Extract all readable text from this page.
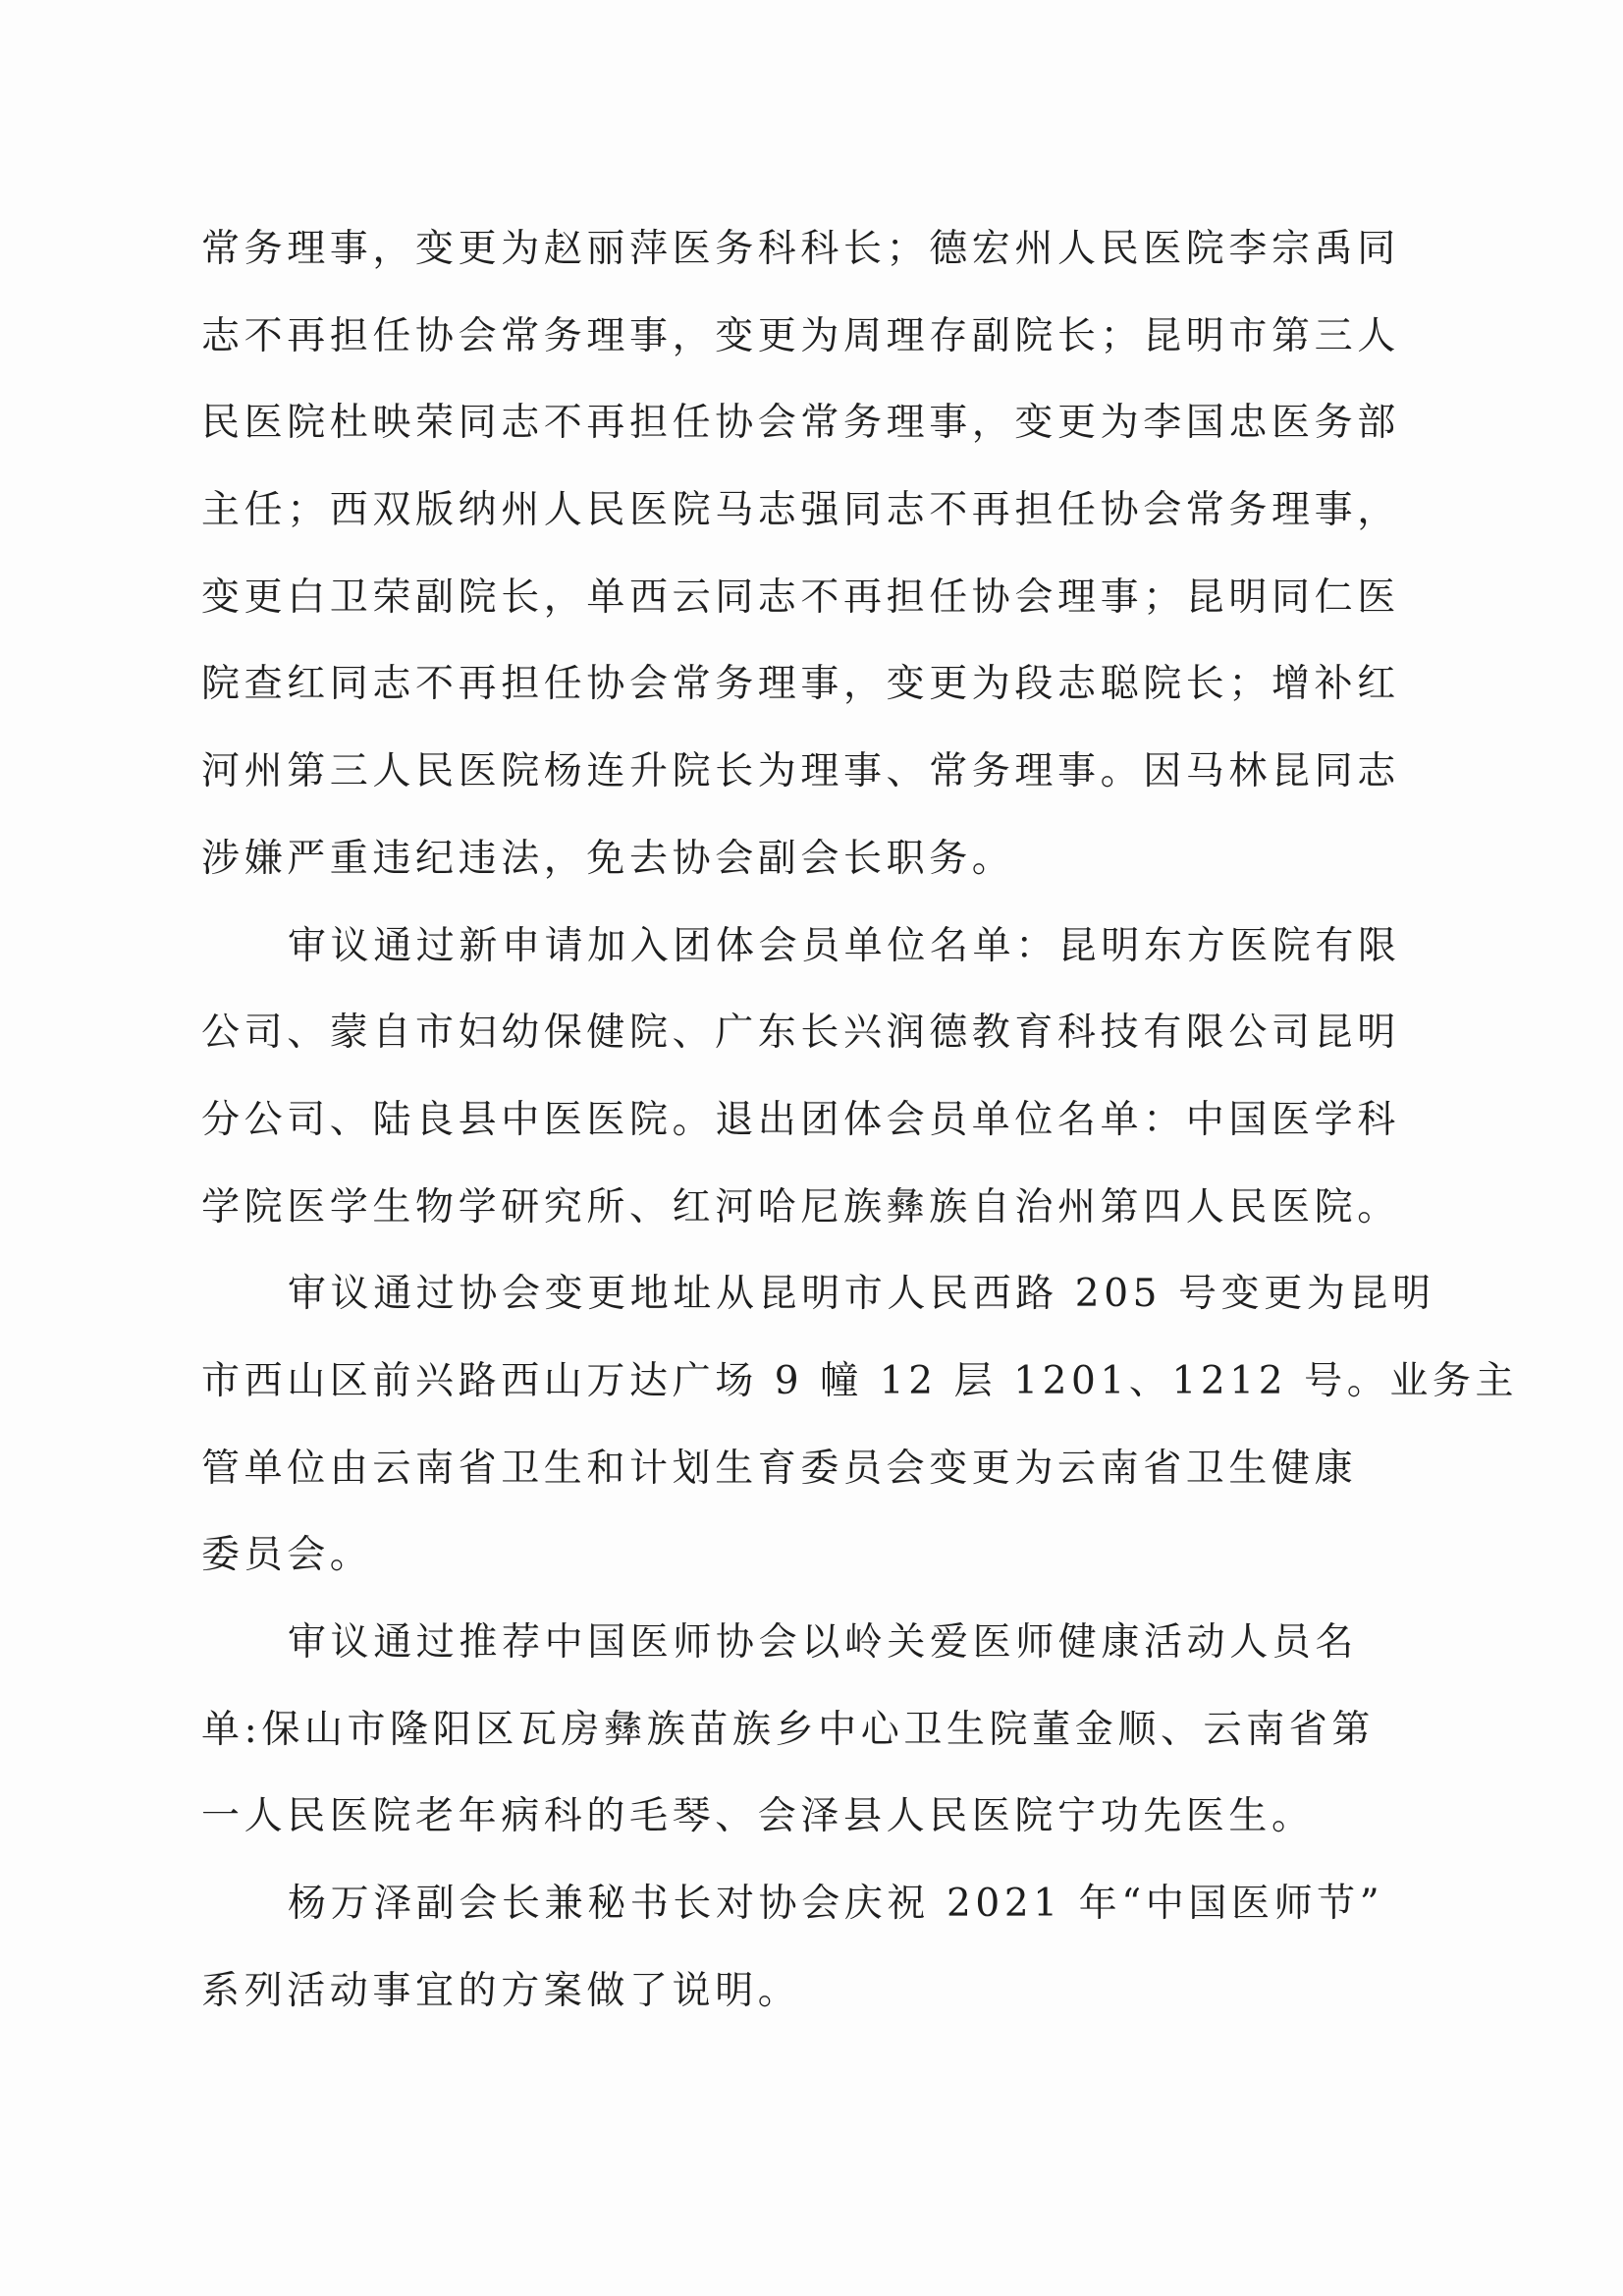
常务理事，变更为赵丽萍医务科科长；德宏州人民医院李宗禹同
志不再担任协会常务理事，变更为周理存副院长；昆明市第三人
民医院杜映荣同志不再担任协会常务理事，变更为李国忠医务部
主任；西双版纳州人民医院马志强同志不再担任协会常务理事，
变更白卫荣副院长，单西云同志不再担任协会理事；昆明同仁医
院查红同志不再担任协会常务理事，变更为段志聪院长；增补红
河州第三人民医院杨连升院长为理事、常务理事。因马林昆同志
涉嫌严重违纪违法，免去协会副会长职务。
审议通过新申请加入团体会员单位名单：昆明东方医院有限
公司、蒙自市妇幼保健院、广东长兴润德教育科技有限公司昆明
分公司、陆良县中医医院。退出团体会员单位名单：中国医学科
学院医学生物学研究所、红河哈尼族彝族自治州第四人民医院。
审议通过协会变更地址从昆明市人民西路 205 号变更为昆明
市西山区前兴路西山万达广场 9 幢 12 层 1201、1212 号。业务主
管单位由云南省卫生和计划生育委员会变更为云南省卫生健康
委员会。
审议通过推荐中国医师协会以岭关爱医师健康活动人员名
单:保山市隆阳区瓦房彝族苗族乡中心卫生院董金顺、云南省第
一人民医院老年病科的毛琴、会泽县人民医院宁功先医生。
杨万泽副会长兼秘书长对协会庆祝 2021 年“中国医师节”
系列活动事宜的方案做了说明。
